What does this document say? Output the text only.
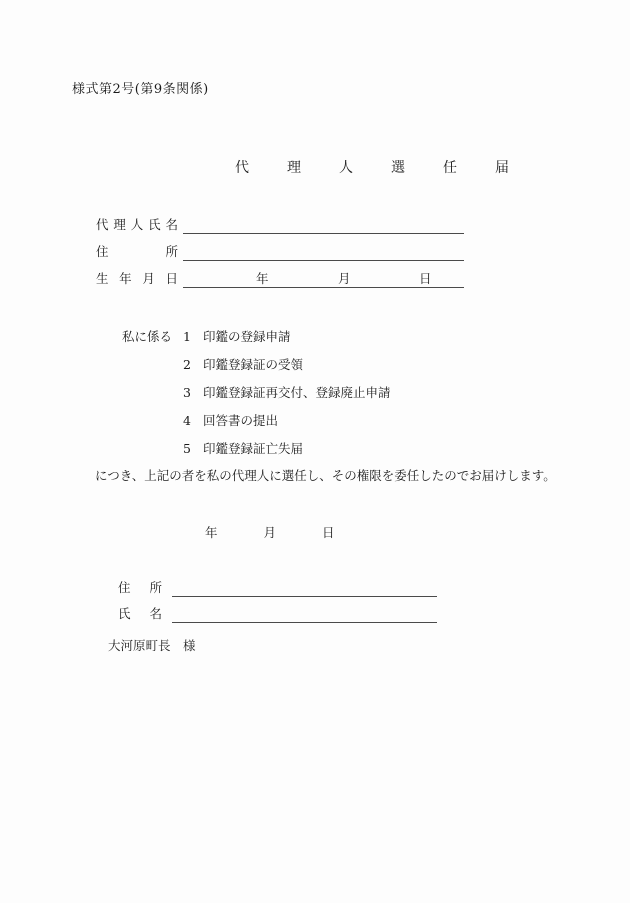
様式第2号(第9条関係)
代　理　人　選　任　届
代理人氏名
住　　所
生 年 月 日	年	月	日
私に係る 1 印鑑の登録申請
2 印鑑登録証の受領
3 印鑑登録証再交付、登録廃止申請
4 回答書の提出
5 印鑑登録証亡失届
につき、上記の者を私の代理人に選任し、その権限を委任したのでお届けします。
年	月	日
住　所
氏　名
大河原町長　様
